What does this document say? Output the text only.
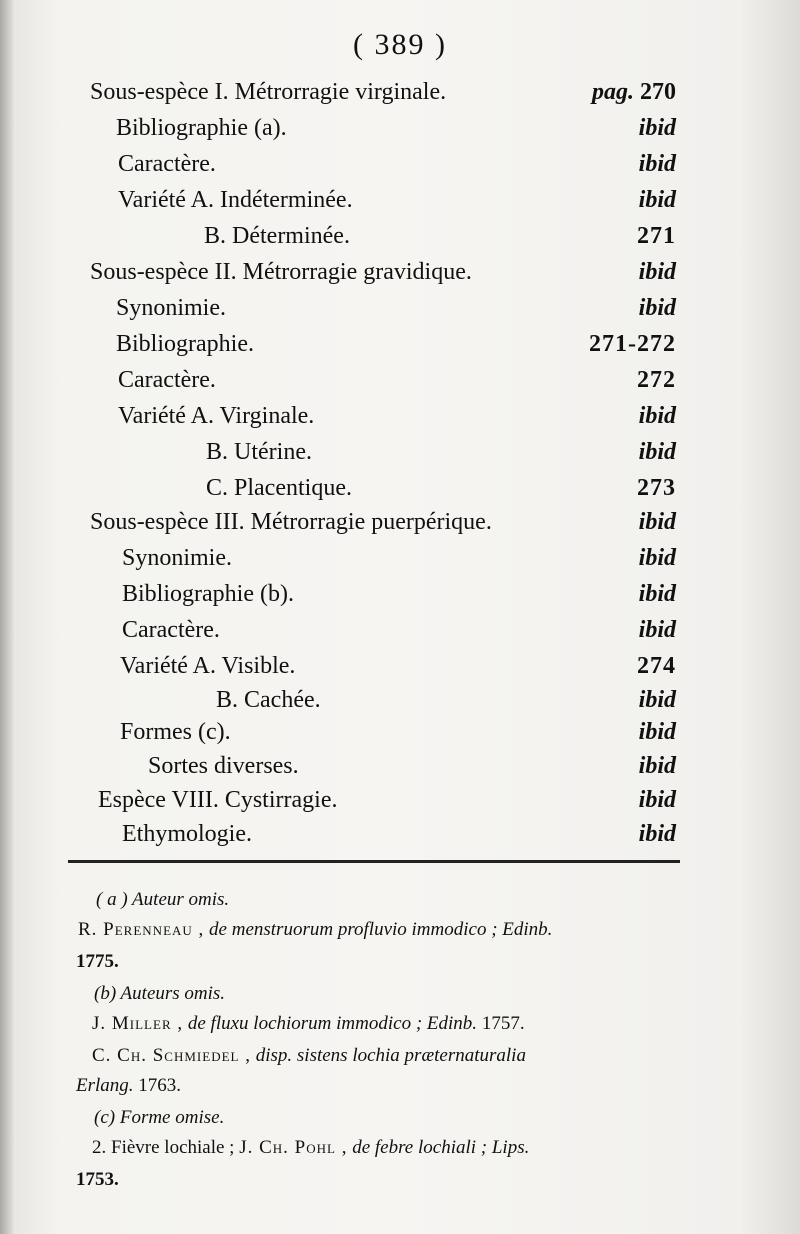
( 389 )
Sous-espèce I. Métrorragie virginale.	pag. 270
Bibliographie (a).	ibid
Caractère.	ibid
Variété A. Indéterminée.	ibid
B. Déterminée.	271
Sous-espèce II. Métrorragie gravidique.	ibid
Synonimie.	ibid
Bibliographie.	271-272
Caractère.	272
Variété A. Virginale.	ibid
B. Utérine.	ibid
C. Placentique.	273
Sous-espèce III. Métrorragie puerpérique.	ibid
Synonimie.	ibid
Bibliographie (b).	ibid
Caractère.	ibid
Variété A. Visible.	274
B. Cachée.	ibid
Formes (c).	ibid
Sortes diverses.	ibid
Espèce VIII. Cystirragie.	ibid
Ethymologie.	ibid
( a ) Auteur omis.
R. Perenneau , de menstruorum profluvio immodico ; Edinb.
1775.
(b) Auteurs omis.
J. Miller , de fluxu lochiorum immodico ; Edinb. 1757.
C. Ch. Schmiedel , disp. sistens lochia præternaturalia
Erlang. 1763.
(c) Forme omise.
2. Fièvre lochiale ; J. Ch. Pohl , de febre lochiali ; Lips.
1753.
